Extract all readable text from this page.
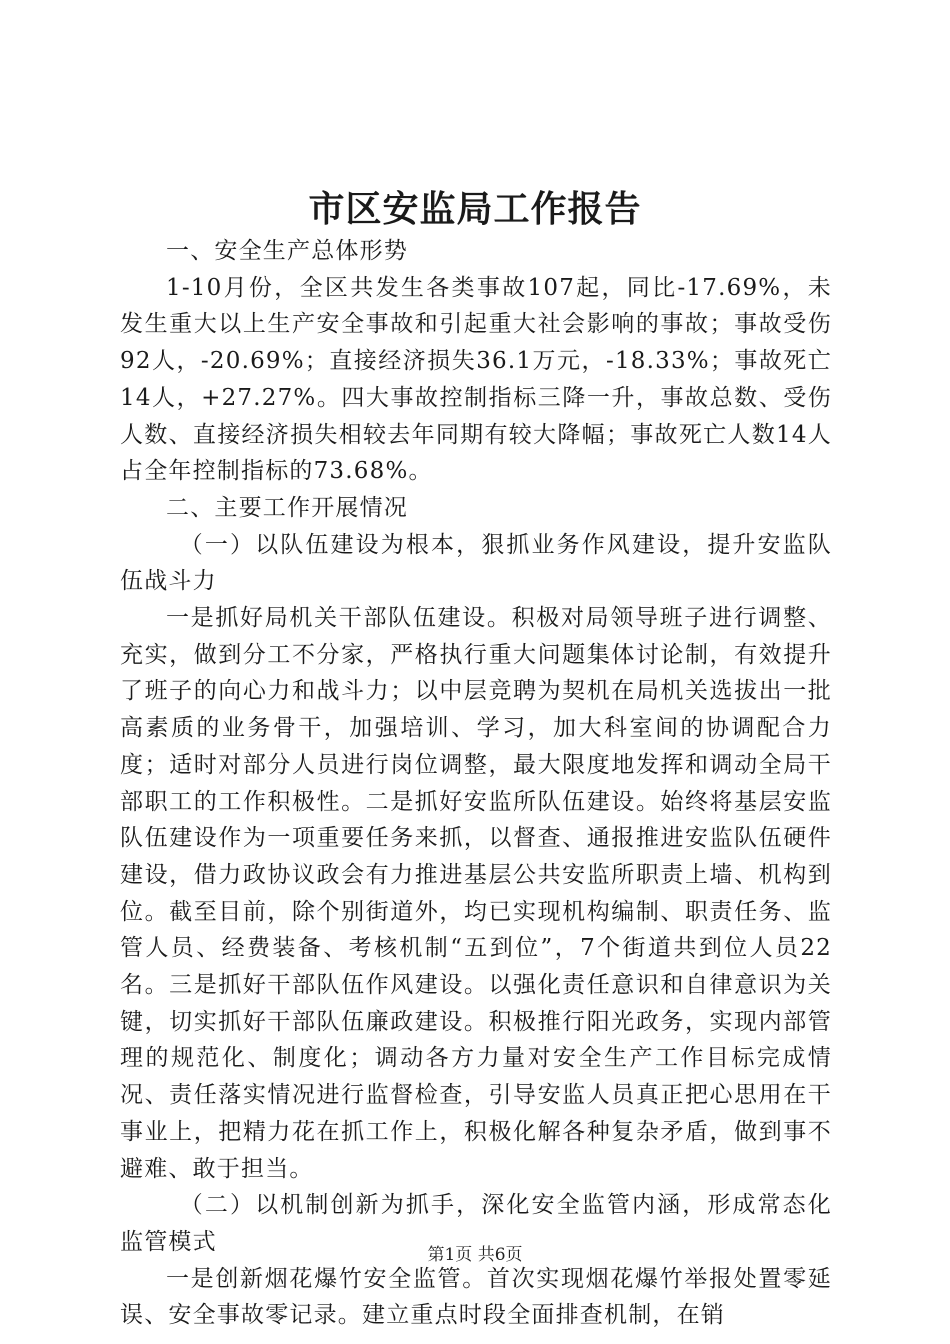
市区安监局工作报告

一、安全生产总体形势

1-10月份，全区共发生各类事故107起，同比-17.69%，未发生重大以上生产安全事故和引起重大社会影响的事故；事故受伤92人，-20.69%；直接经济损失36.1万元，-18.33%；事故死亡14人，+27.27%。四大事故控制指标三降一升，事故总数、受伤人数、直接经济损失相较去年同期有较大降幅；事故死亡人数14人占全年控制指标的73.68%。

二、主要工作开展情况

（一）以队伍建设为根本，狠抓业务作风建设，提升安监队伍战斗力

一是抓好局机关干部队伍建设。积极对局领导班子进行调整、充实，做到分工不分家，严格执行重大问题集体讨论制，有效提升了班子的向心力和战斗力；以中层竞聘为契机在局机关选拔出一批高素质的业务骨干，加强培训、学习，加大科室间的协调配合力度；适时对部分人员进行岗位调整，最大限度地发挥和调动全局干部职工的工作积极性。二是抓好安监所队伍建设。始终将基层安监队伍建设作为一项重要任务来抓，以督查、通报推进安监队伍硬件建设，借力政协议政会有力推进基层公共安监所职责上墙、机构到位。截至目前，除个别街道外，均已实现机构编制、职责任务、监管人员、经费装备、考核机制“五到位”，7个街道共到位人员22名。三是抓好干部队伍作风建设。以强化责任意识和自律意识为关键，切实抓好干部队伍廉政建设。积极推行阳光政务，实现内部管理的规范化、制度化；调动各方力量对安全生产工作目标完成情况、责任落实情况进行监督检查，引导安监人员真正把心思用在干事业上，把精力花在抓工作上，积极化解各种复杂矛盾，做到事不避难、敢于担当。

（二）以机制创新为抓手，深化安全监管内涵，形成常态化监管模式

一是创新烟花爆竹安全监管。首次实现烟花爆竹举报处置零延误、安全事故零记录。建立重点时段全面排查机制，在销

第1页 共6页
